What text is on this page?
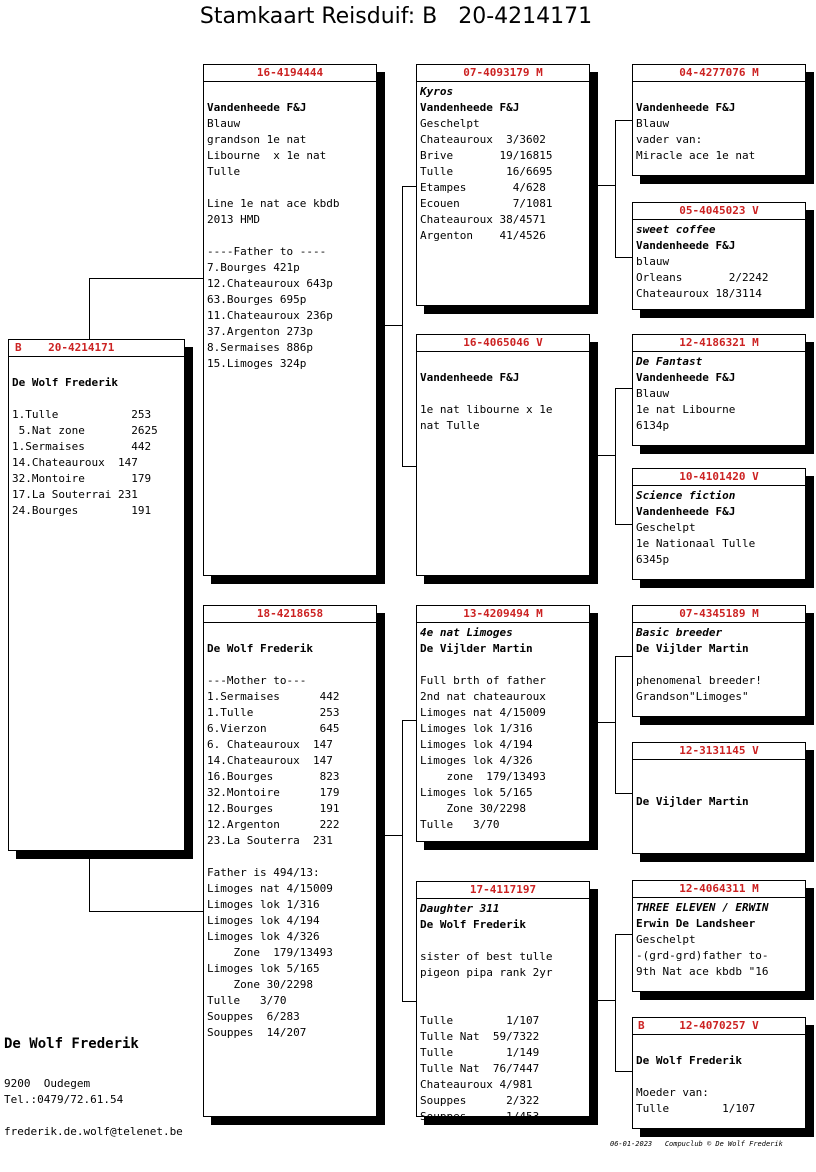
Stamkaart Reisduif: B   20-4214171
B 20-4214171
De Wolf Frederik
1.Tulle           253
5.Nat zone       2625
1.Sermaises       442
14.Chateauroux  147
32.Montoire       179
17.La Souterrai 231
24.Bourges        191
16-4194444
Vandenheede F&J
Blauw
grandson 1e nat
Libourne  x 1e nat
Tulle
Line 1e nat ace kbdb
2013 HMD
----Father to ----
7.Bourges 421p
12.Chateauroux 643p
63.Bourges 695p
11.Chateauroux 236p
37.Argenton 273p
8.Sermaises 886p
15.Limoges 324p
18-4218658
De Wolf Frederik
---Mother to---
1.Sermaises      442
1.Tulle          253
6.Vierzon        645
6. Chateauroux  147
14.Chateauroux  147
16.Bourges       823
32.Montoire      179
12.Bourges       191
12.Argenton      222
23.La Souterra  231
Father is 494/13:
Limoges nat 4/15009
Limoges lok 1/316
Limoges lok 4/194
Limoges lok 4/326
Zone  179/13493
Limoges lok 5/165
Zone 30/2298
Tulle   3/70
Souppes  6/283
Souppes  14/207
07-4093179 M
Kyros
Vandenheede F&J
Geschelpt
Chateauroux  3/3602
Brive       19/16815
Tulle        16/6695
Etampes       4/628
Ecouen        7/1081
Chateauroux 38/4571
Argenton    41/4526
16-4065046 V
Vandenheede F&J
1e nat libourne x 1e
nat Tulle
13-4209494 M
4e nat Limoges
De Vijlder Martin
Full brth of father
2nd nat chateauroux
Limoges nat 4/15009
Limoges lok 1/316
Limoges lok 4/194
Limoges lok 4/326
zone  179/13493
Limoges lok 5/165
Zone 30/2298
Tulle   3/70
17-4117197
Daughter 311
De Wolf Frederik
sister of best tulle
pigeon pipa rank 2yr
Tulle        1/107
Tulle Nat  59/7322
Tulle        1/149
Tulle Nat  76/7447
Chateauroux 4/981
Souppes      2/322
Souppes      1/453
04-4277076 M
Vandenheede F&J
Blauw
vader van:
Miracle ace 1e nat
05-4045023 V
sweet coffee
Vandenheede F&J
blauw
Orleans       2/2242
Chateauroux 18/3114
12-4186321 M
De Fantast
Vandenheede F&J
Blauw
1e nat Libourne
6134p
10-4101420 V
Science fiction
Vandenheede F&J
Geschelpt
1e Nationaal Tulle
6345p
07-4345189 M
Basic breeder
De Vijlder Martin
phenomenal breeder!
Grandson"Limoges"
12-3131145 V
De Vijlder Martin
12-4064311 M
THREE ELEVEN / ERWIN
Erwin De Landsheer
Geschelpt
-(grd-grd)father to-
9th Nat ace kbdb "16
B	12-4070257 V
De Wolf Frederik
Moeder van:
Tulle        1/107
De Wolf Frederik
9200  Oudegem
Tel.:0479/72.61.54
frederik.de.wolf@telenet.be
06-01-2023 Compuclub © De Wolf Frederik
